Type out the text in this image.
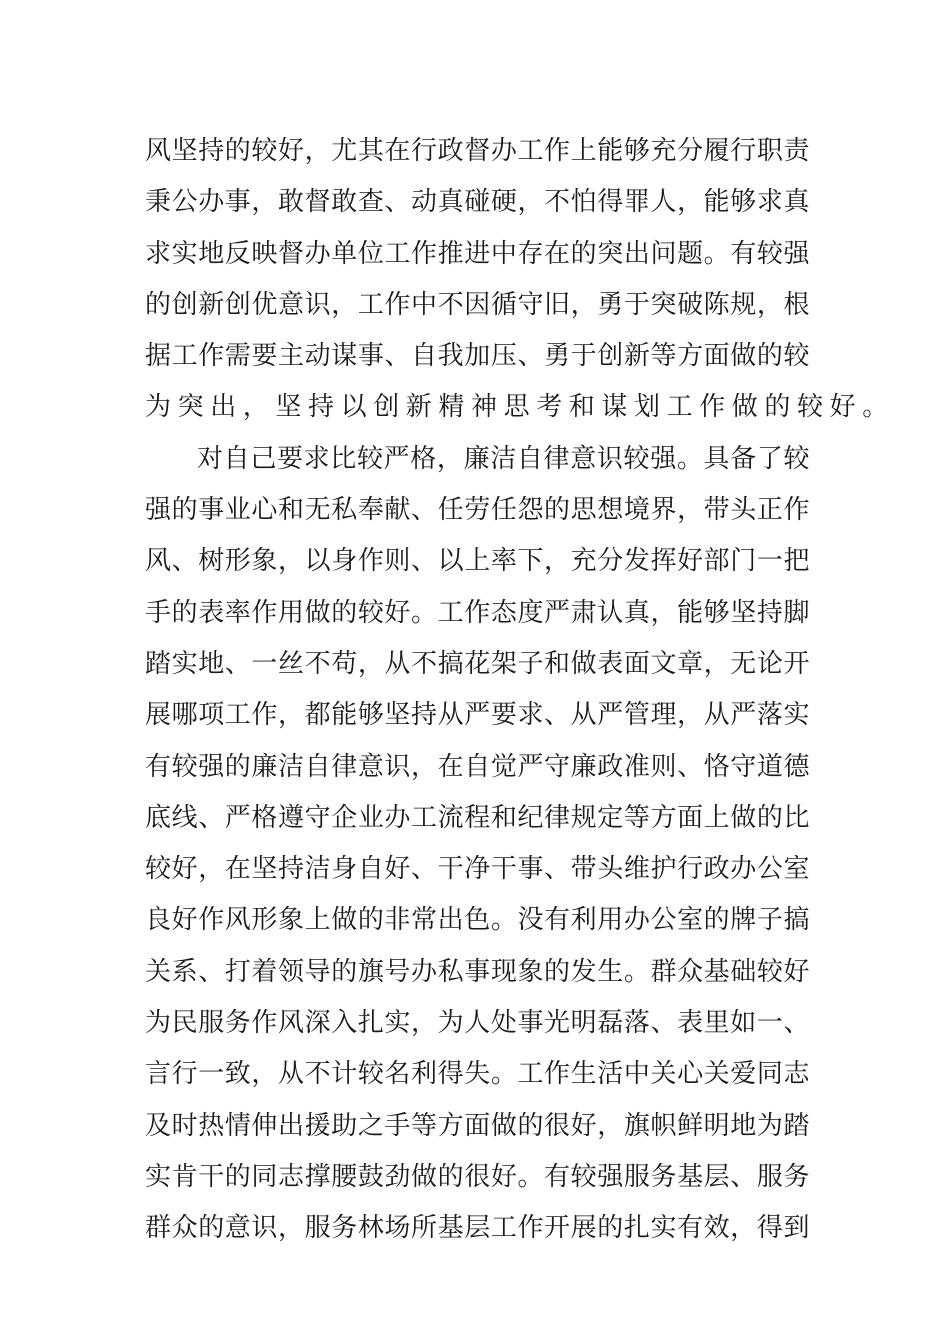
风坚持的较好，尤其在行政督办工作上能够充分履行职责
秉公办事，敢督敢查、动真碰硬，不怕得罪人，能够求真
求实地反映督办单位工作推进中存在的突出问题。有较强
的创新创优意识，工作中不因循守旧，勇于突破陈规，根
据工作需要主动谋事、自我加压、勇于创新等方面做的较
为突出，坚持以创新精神思考和谋划工作做的较好。
对自己要求比较严格，廉洁自律意识较强。具备了较
强的事业心和无私奉献、任劳任怨的思想境界，带头正作
风、树形象，以身作则、以上率下，充分发挥好部门一把
手的表率作用做的较好。工作态度严肃认真，能够坚持脚
踏实地、一丝不苟，从不搞花架子和做表面文章，无论开
展哪项工作，都能够坚持从严要求、从严管理，从严落实
有较强的廉洁自律意识，在自觉严守廉政准则、恪守道德
底线、严格遵守企业办工流程和纪律规定等方面上做的比
较好，在坚持洁身自好、干净干事、带头维护行政办公室
良好作风形象上做的非常出色。没有利用办公室的牌子搞
关系、打着领导的旗号办私事现象的发生。群众基础较好
为民服务作风深入扎实，为人处事光明磊落、表里如一、
言行一致，从不计较名利得失。工作生活中关心关爱同志
及时热情伸出援助之手等方面做的很好，旗帜鲜明地为踏
实肯干的同志撑腰鼓劲做的很好。有较强服务基层、服务
群众的意识，服务林场所基层工作开展的扎实有效，得到
